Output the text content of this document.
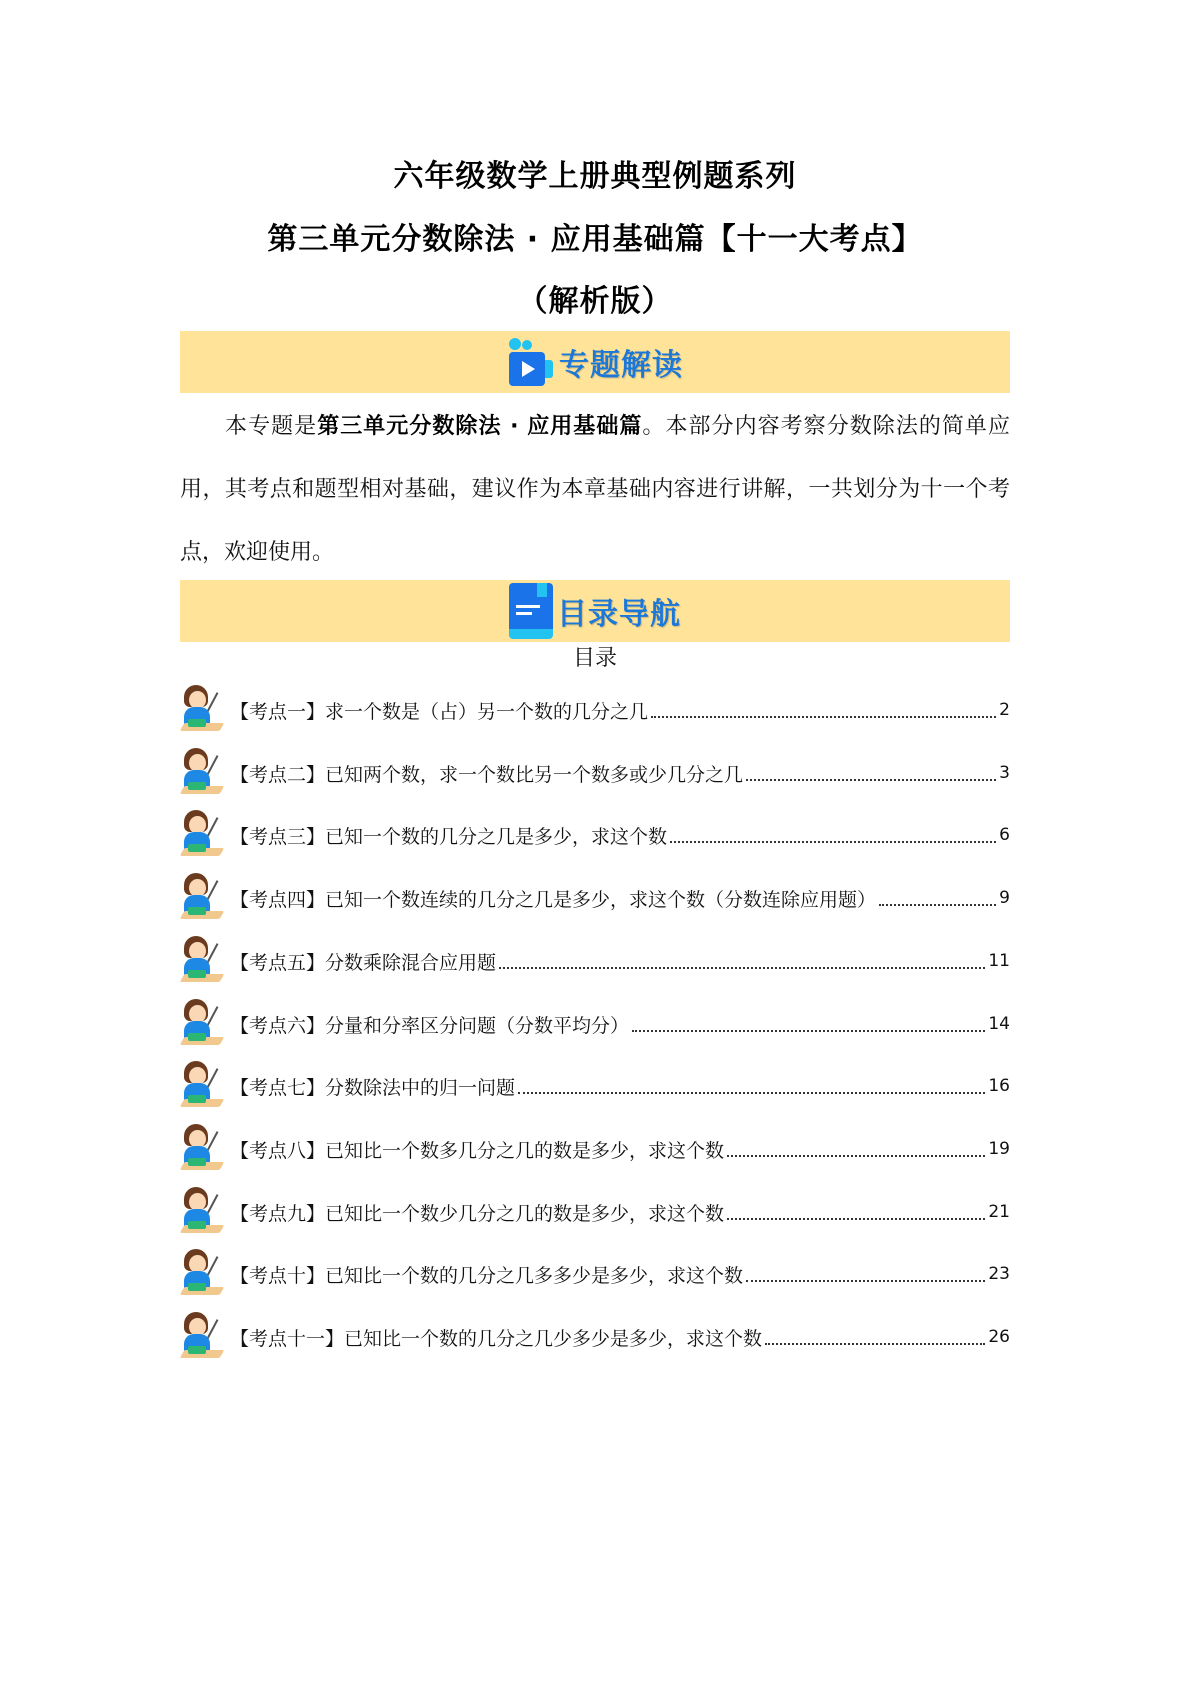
六年级数学上册典型例题系列
第三单元分数除法 · 应用基础篇【十一大考点】
（解析版）
专题解读
本专题是第三单元分数除法 · 应用基础篇。本部分内容考察分数除法的简单应用，其考点和题型相对基础，建议作为本章基础内容进行讲解，一共划分为十一个考点，欢迎使用。
目录导航
目录
【考点一】求一个数是（占）另一个数的几分之几	2
【考点二】已知两个数，求一个数比另一个数多或少几分之几	3
【考点三】已知一个数的几分之几是多少，求这个数	6
【考点四】已知一个数连续的几分之几是多少，求这个数（分数连除应用题）	9
【考点五】分数乘除混合应用题	11
【考点六】分量和分率区分问题（分数平均分）	14
【考点七】分数除法中的归一问题	16
【考点八】已知比一个数多几分之几的数是多少，求这个数	19
【考点九】已知比一个数少几分之几的数是多少，求这个数	21
【考点十】已知比一个数的几分之几多多少是多少，求这个数	23
【考点十一】已知比一个数的几分之几少多少是多少，求这个数	26
